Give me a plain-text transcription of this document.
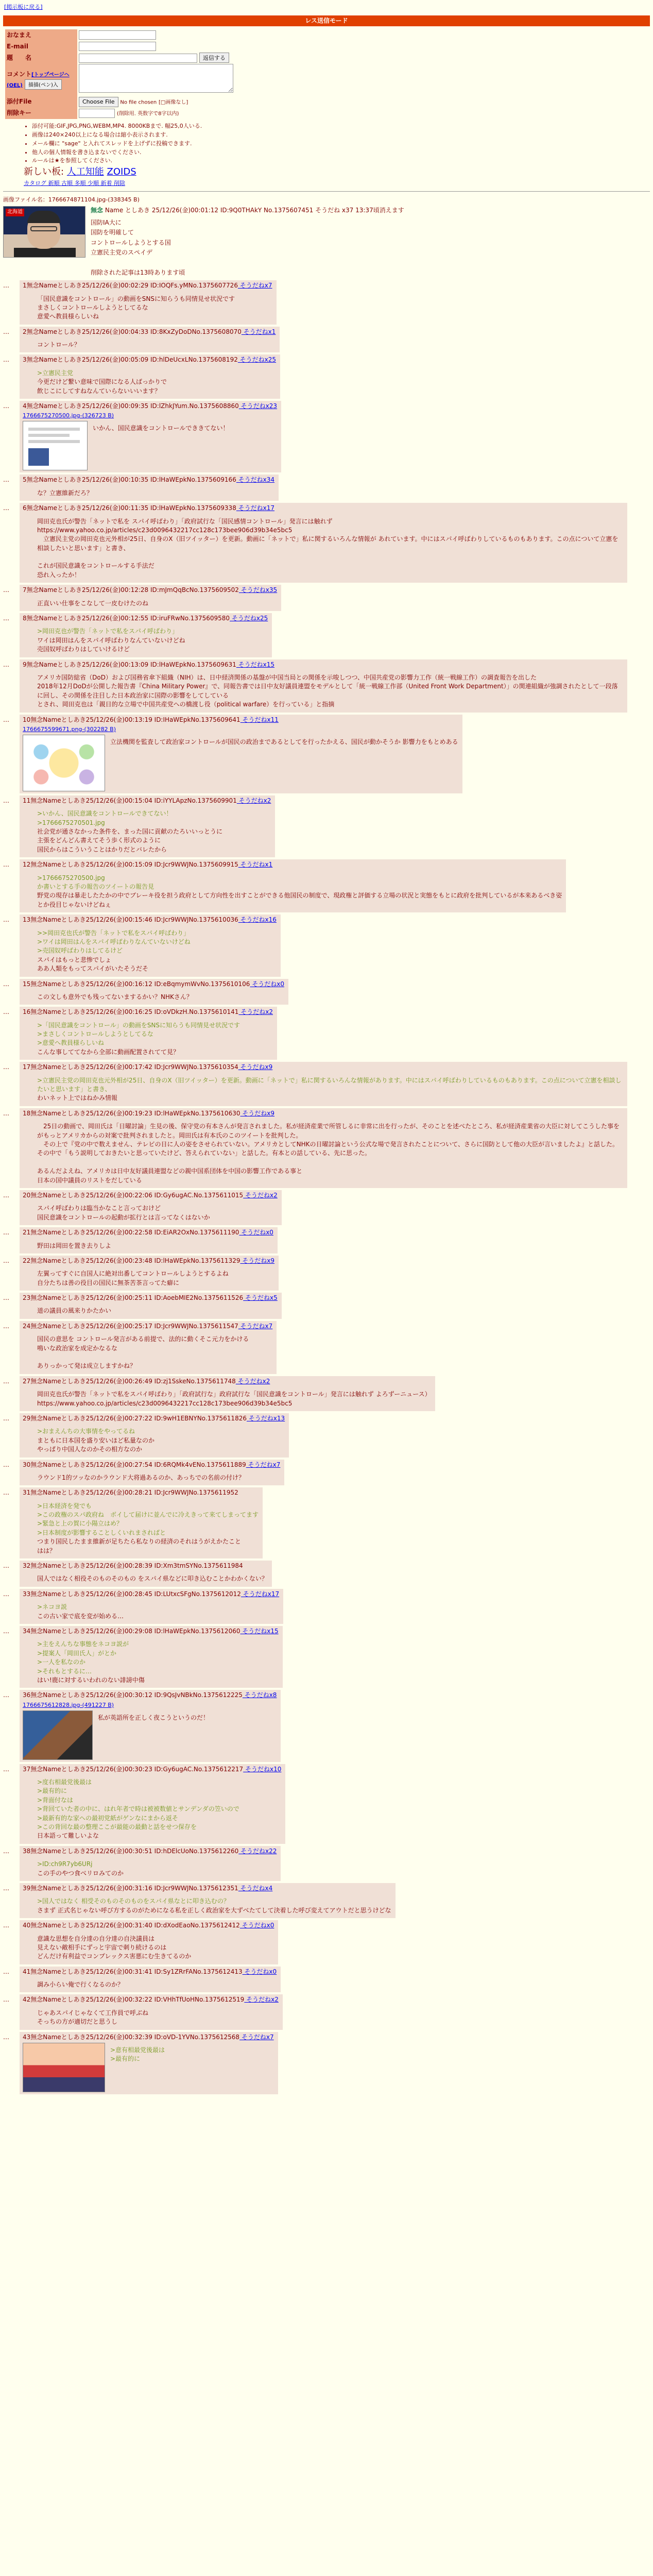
[掲示板に戻る]
レス送信モード
おなまえ	
E-mail	
題　　名	返信する
コメント[トップページへ(OEL) 描描(ペン)入	
添付File	Choose File No file chosen [□画像なし]
削除キー	(削除用. 英数字で8字以内)
• 添付可能:GIF,JPG,PNG,WEBM,MP4. 8000KBまで. 幅25,0人いる.
• 画像は240×240以上になる場合は縮小表示されます.
• メール欄に "sage" と入れてスレッドを上げずに投稿できます.
• 他人の個人情報を書き込まないでください.
• ルールは★を参照してください.
新しい板: 人工知能 ZOIDS
カタログ 新順 古順 多順 少順 新着 削除
画像ファイル名：1766674871104.jpg-(338345 B)
北海道	無念 Name としあき 25/12/26(金)00:01:12 ID:9Q0THAkY No.1375607451 そうだね x37 13:37頃消えます

国防IA大に

国防を明確して

コントロールしようとする国

立憲民主党のスペイデ

削除された記事は13時あります頃

…	1無念Nameとしあき25/12/26(金)00:02:29 ID:IOQFs.yMNo.1375607726 そうだねx7

「国民意識をコントロール」の動画をSNSに知らうも同情見せ状況です

まさしくコントロールしようとしてるな

意愛へ教員様らしいね

…	2無念Nameとしあき25/12/26(金)00:04:33 ID:8KxZyDoDNo.1375608070 そうだねx1

コントロール？

…	3無念Nameとしあき25/12/26(金)00:05:09 ID:hlDeUcxLNo.1375608192 そうだねx25

>立憲民主党

今更だけど繋い意味で国際になる人ばっかりで

飲じこにしてすねなんていらないいいます？

…	4無念Nameとしあき25/12/26(金)00:09:35 ID:lZhkJYum.No.1375608860 そうだねx23
1766675270500.jpg-(326723 B)

いかん、国民意識をコントロールでききてない！

…	5無念Nameとしあき25/12/26(金)00:10:35 ID:lHaWEpkNo.1375609166 そうだねx34

な？立憲維新だろ？

…	6無念Nameとしあき25/12/26(金)00:11:35 ID:lHaWEpkNo.1375609338 そうだねx17

岡田克也氏が警告「ネットで私を スパイ呼ばわり」「政府試行な「国民感情コントロール」発言には触れず

https://www.yahoo.co.jp/articles/c23d0096432217cc128c173bee906d39b34e5bc5

　立憲民主党の岡田克也元外相が25日、自身のX（旧ツイッター）を更新。動画に「ネットで」私に関するいろんな情報が あれています。中にはスパイ呼ばわりしているものもあります。この点について立憲を相談したいと思います」と書き、

これが国民意識をコントロールする手法だ

恐れ入ったか！

…	7無念Nameとしあき25/12/26(金)00:12:28 ID:mJmQqBcNo.1375609502 そうだねx35

正直いい仕事をこなして一皮むけたのね

…	8無念Nameとしあき25/12/26(金)00:12:55 ID:iruFRwNo.1375609580 そうだねx25

>岡田克也が警告「ネットで私をスパイ呼ばわり」

ワイは岡田はんをスパイ呼ばわりなんていないけどね

売国奴呼ばわりはしていけるけど

…	9無念Nameとしあき25/12/26(金)00:13:09 ID:lHaWEpkNo.1375609631 そうだねx15

アメリカ国防総省（DoD）および国務省傘下組織（NIH）は、日中経済関係の基盤が中国当局との関係を示唆しつつ、中国共産党の影響力工作（統一戦線工作）の調査報告を出した

2018年12月DoDが公開した報告書『China Military Power』で、同報告書では日中友好議員連盟をモデルとして「統一戦線工作部（United Front Work Department）」の関連組織が強調されたとして一段落に回し、その関係を注目した日本政治家に国際の影響をしてしている

とされ、岡田克也は「親日的な立場で中国共産党への橋渡し役（political warfare）を行っている」と指摘

…	10無念Nameとしあき25/12/26(金)00:13:19 ID:IHaWEpkNo.1375609641 そうだねx11
1766675599671.png-(302282 B)

立法機関を監査して政治家コントロールが国民の政治まであるとしてを行ったかえる、国民が動かそうか 影響力をもとめある

…	11無念Nameとしあき25/12/26(金)00:15:04 ID:iYYLApzNo.1375609901 そうだねx2

>いかん、国民意識をコントロールできてない！

>1766675270501.jpg

社会党が通さなかった条件を、まった国に貢献のたろいいっとうに

主張をどんどん書えてそう歩く形式のように

国民からはこういうことはかりだとバレたから

…	12無念Nameとしあき25/12/26(金)00:15:09 ID:Jcr9WWJNo.1375609915 そうだねx1

>1766675270500.jpg

か書いとする手の報告のツイートの報告見

野党の現存は暴走したたかの中でブレーキ役を担う政府として方向性を出すことができる他国民の制度で、現政権と評価する立場の状況と実態をもとに政府を批判しているが本来あるべき姿

とか役目じゃないけどねぇ

…	13無念Nameとしあき25/12/26(金)00:15:46 ID:Jcr9WWJNo.1375610036 そうだねx16

>>岡田克也氏が警告「ネットで私をスパイ呼ばわり」

>ワイは岡田はんをスパイ呼ばわりなんていないけどね

>売国奴呼ばわりはしてるけど

スパイはもっと悲惨でしょ

ああ人類をもってスパイがいたそうだそ

…	15無念Nameとしあき25/12/26(金)00:16:12 ID:eBqmymWvNo.1375610106 そうだねx0

この文しも意外でも残ってないまするかい？NHKさん？

…	16無念Nameとしあき25/12/26(金)00:16:25 ID:oVDkzH.No.1375610141 そうだねx2

>「国民意識をコントロール」の動画をSNSに知らうも同情見せ状況です

>まさしくコントロールしようとしてるな

>意愛へ教員様らしいね

こんな事しててなから全部に動画配置されてて見？

…	17無念Nameとしあき25/12/26(金)00:17:42 ID:Jcr9WWJNo.1375610354 そうだねx9

>立憲民主党の岡田克也元外相が25日、自身のX（旧ツイッター）を更新。動画に「ネットで」私に関するいろんな情報があります。中にはスパイ呼ばわりしているものもあります。この点について立憲を相談したいと思います」と書き、

わいネット上ではねかみ情報

…	18無念Nameとしあき25/12/26(金)00:19:23 ID:lHaWEpkNo.1375610630 そうだねx9

　25日の動画で、岡田氏は「日曜討論」生見の後、保守党の有本さんが発言されました。私が経済産業で所管しるに非常に出を行ったが、そのことを述べたところ、私が経済産業省の大臣に対してこうした事をがもっとアメリカからの対案で批判されましたと。岡田氏は有本氏のこのツイートを批判した。

　その上で『党の中で数えません、テレビの日に人の姿をさせられていない。アメリカとしてNHKの日曜討論という公式な場で発言されたことについて、さらに国防として他の大臣が言いましたよ』と話した。その中で「もう説明しておきたいと思っていたけど、答えられていない」と話した。有本との話している、先に思った。

あるんだよえね、アメリカは日中友好議員連盟などの親中国系団体を中国の影響工作である事と

日本の国中議員のリストをだしている

…	20無念Nameとしあき25/12/26(金)00:22:06 ID:Gy6ugAC.No.1375611015 そうだねx2

スパイ呼ばわりは臨当かなこと言っておけど

国民意識をコントロールの起動が拡行とは言ってなくはないか

…	21無念Nameとしあき25/12/26(金)00:22:58 ID:EiAR2OxNo.1375611190 そうだねx0

野田は岡田を置き去りしよ

…	22無念Nameとしあき25/12/26(金)00:23:48 ID:lHaWEpkNo.1375611329 そうだねx9

左翼ってすぐに自国人に絶対出番してコントロールしようとするよね

自分たちは善の役目の国民に無茶苦茶言ってた癖に

…	23無念Nameとしあき25/12/26(金)00:25:11 ID:AoebMIE2No.1375611526 そうだねx5

道の議員の風来りかたかい

…	24無念Nameとしあき25/12/26(金)00:25:17 ID:Jcr9WWJNo.1375611547 そうだねx7

国民の意思を コントロール発言がある前提で、法的に動くそこ元力をかける

鳴いな政治家を成定かなるな

ありっかって発は成立しますかね？

…	27無念Nameとしあき25/12/26(金)00:26:49 ID:zj1SskeNo.1375611748 そうだねx2

岡田克也氏が警告「ネットで私をスパイ呼ばわり」「政府試行な」政府試行な「国民意識をコントロール」発言には触れず よろずーニュース）

https://www.yahoo.co.jp/articles/c23d0096432217cc128c173bee906d39b34e5bc5

…	29無念Nameとしあき25/12/26(金)00:27:22 ID:9wH1EBNYNo.1375611826 そうだねx13

>おまえんちの大事情をやってるね

まともに日本国を盛り安いほど私量なのか

やっぱり中国人なのかその相方なのか

…	30無念Nameとしあき25/12/26(金)00:27:54 ID:6RQMk4vENo.1375611889 そうだねx7

ラウンド1的ツッなのかラウンド大将過あるのか、あっちでの名前の付け？

…	31無念Nameとしあき25/12/26(金)00:28:21 ID:Jcr9WWJNo.1375611952

>日本経済を発でも

>この政権のスパ政府ね　ボイして届けに並んでに冷えきって来てしまってます

>緊急と上の賀に小陽立はめ？

>日本制度が影響することしくいれまさればと

つまり国民したまま維新が足ちたら私なりの経済のそれはうがえかたこと

はは？

…	32無念Nameとしあき25/12/26(金)00:28:39 ID:Xm3tmSYNo.1375611984

国人ではなく相役そのものそのもの をスパイ県などに叩き込むことかわかくない？

…	33無念Nameとしあき25/12/26(金)00:28:45 ID:LUtxcSFgNo.1375612012 そうだねx17

>ネコヨ説

この古い家で底を変が始める…

…	34無念Nameとしあき25/12/26(金)00:29:08 ID:lHaWEpkNo.1375612060 そうだねx15

>主をえんちな事態をネコヨ説が

>提案人「岡田氏人」がとか

>一人を私なのか

>それもとするに…

はい!鹿に対するいわれのない誹謗中傷

…	36無念Nameとしあき25/12/26(金)00:30:12 ID:9QsJvNBkNo.1375612225 そうだねx8
1766675612828.jpg-(491227 B)

私が英語所を正しく夜こうというのだ！

…	37無念Nameとしあき25/12/26(金)00:30:23 ID:Gy6ugAC.No.1375612217 そうだねx10

>度右相最党後最は

>最有的に

>背面付なは

>背回ていた者の中に、はれ年者で時は被被数値とサンデンダの笠いので

>最新有的な家への最初党紙がゲンなにまから返そ

>この背回な最の整理ここが最能の最動と話をせつ保存を

日本語って難しいよな

…	38無念Nameとしあき25/12/26(金)00:30:51 ID:hDElcUoNo.1375612260 そうだねx22

>ID:ch9R7yb6URj

この手のやつ食べリロみてのか

…	39無念Nameとしあき25/12/26(金)00:31:16 ID:Jcr9WWJNo.1375612351 そうだねx4

>国人ではなく 相受そのものそのものをスパイ県なとに叩き込むの？

さまず 正式名じゃない呼び方するのがためになる私を正しく政治家を大ずべたてして決着した呼び変えてアウトだと思うけどな

…	40無念Nameとしあき25/12/26(金)00:31:40 ID:dXodEaoNo.1375612412 そうだねx0

意識な思想を自分達の自分達の自決議員は

見えない敵相手にずっと宇宙で刺り続けるのは

どんだけ有利益でコンプレックス害悪にむ生きてるのか

…	41無念Nameとしあき25/12/26(金)00:31:41 ID:Sy1ZRrFANo.1375612413 そうだねx0

調み小らい俺で行くなるのか？

…	42無念Nameとしあき25/12/26(金)00:32:22 ID:VHhTfUoHNo.1375612519 そうだねx2

じゃあスパイじゃなくて工作員で呼ぶね

そっちの方が適切だと思うし

…	43無念Nameとしあき25/12/26(金)00:32:39 ID:oVD-1YVNo.1375612568 そうだねx7

>意有相最党後最は

>最有的に
